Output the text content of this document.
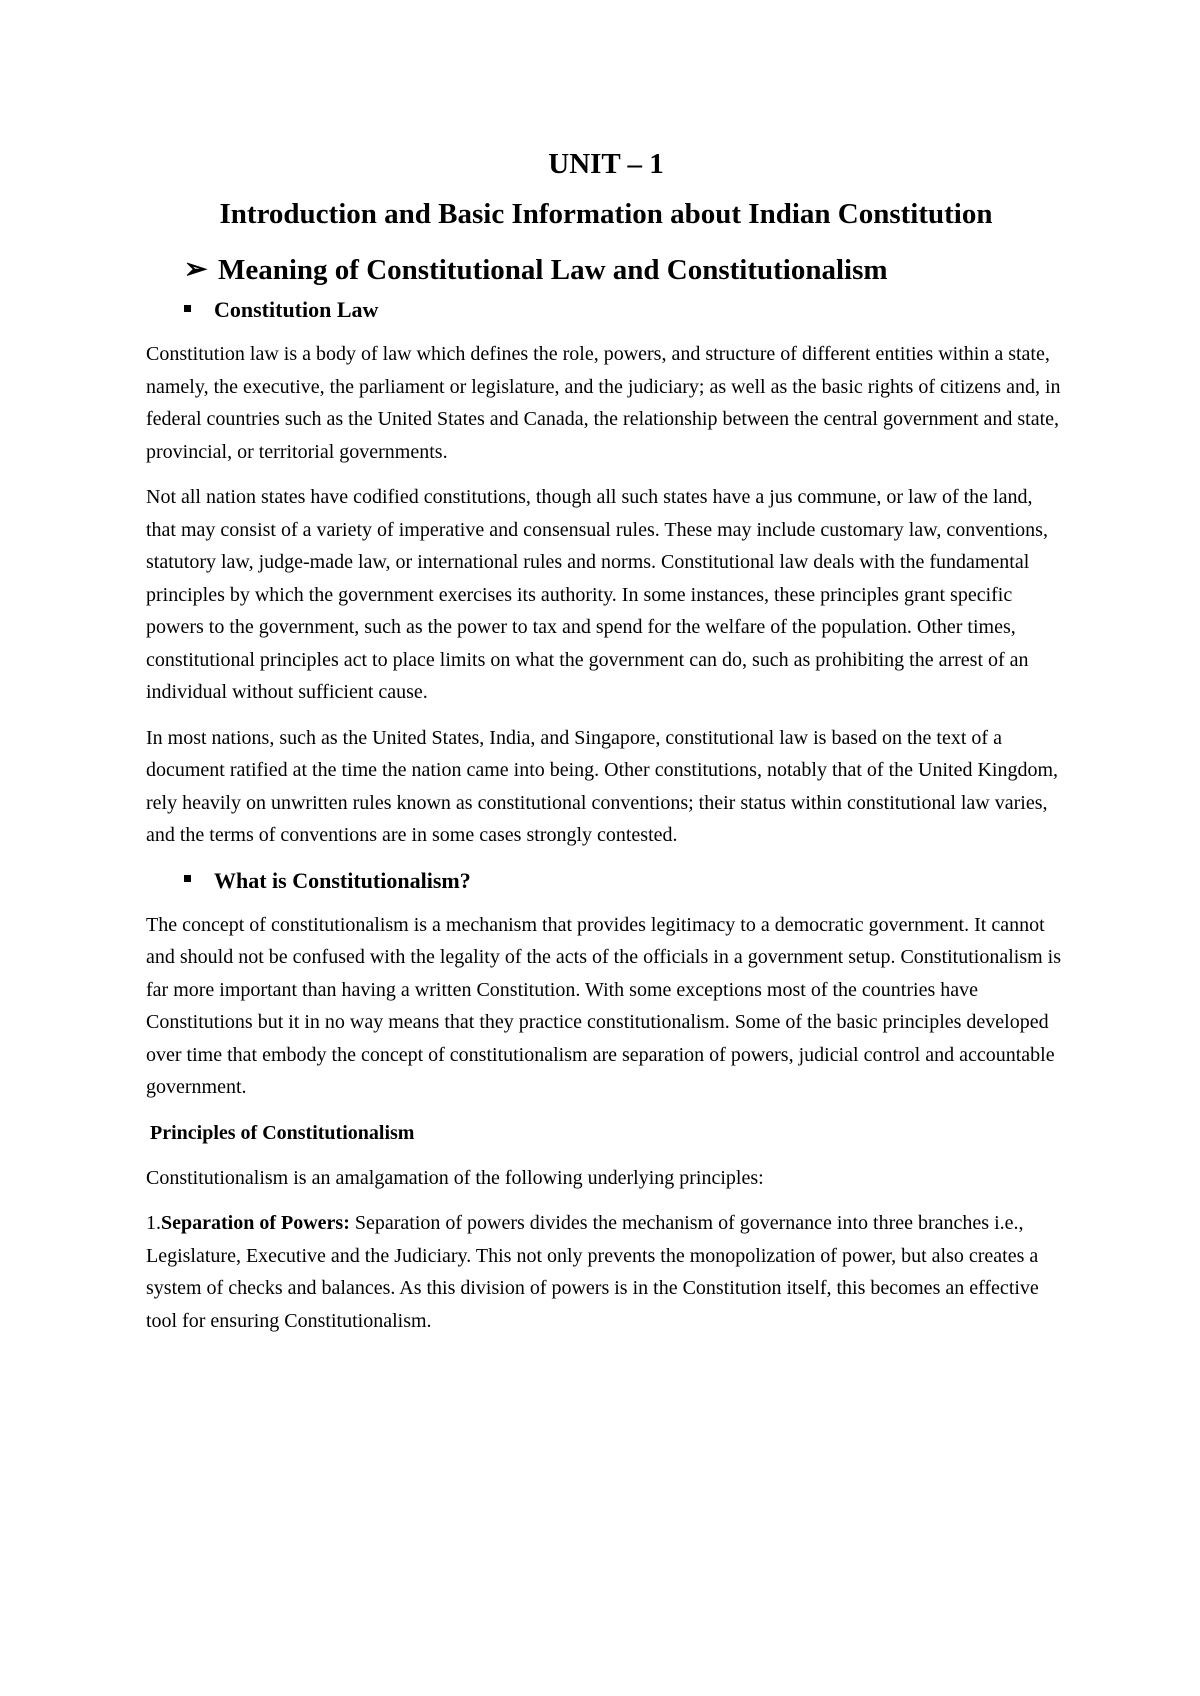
UNIT – 1
Introduction and Basic Information about Indian Constitution
➢ Meaning of Constitutional Law and Constitutionalism
Constitution Law

Constitution law is a body of law which defines the role, powers, and structure of different entities within a state, namely, the executive, the parliament or legislature, and the judiciary; as well as the basic rights of citizens and, in federal countries such as the United States and Canada, the relationship between the central government and state, provincial, or territorial governments.

Not all nation states have codified constitutions, though all such states have a jus commune, or law of the land, that may consist of a variety of imperative and consensual rules. These may include customary law, conventions, statutory law, judge-made law, or international rules and norms. Constitutional law deals with the fundamental principles by which the government exercises its authority. In some instances, these principles grant specific powers to the government, such as the power to tax and spend for the welfare of the population. Other times, constitutional principles act to place limits on what the government can do, such as prohibiting the arrest of an individual without sufficient cause.

In most nations, such as the United States, India, and Singapore, constitutional law is based on the text of a document ratified at the time the nation came into being. Other constitutions, notably that of the United Kingdom, rely heavily on unwritten rules known as constitutional conventions; their status within constitutional law varies, and the terms of conventions are in some cases strongly contested.

What is Constitutionalism?

The concept of constitutionalism is a mechanism that provides legitimacy to a democratic government. It cannot and should not be confused with the legality of the acts of the officials in a government setup. Constitutionalism is far more important than having a written Constitution. With some exceptions most of the countries have Constitutions but it in no way means that they practice constitutionalism. Some of the basic principles developed over time that embody the concept of constitutionalism are separation of powers, judicial control and accountable government.

Principles of Constitutionalism

Constitutionalism is an amalgamation of the following underlying principles:

1.Separation of Powers: Separation of powers divides the mechanism of governance into three branches i.e., Legislature, Executive and the Judiciary. This not only prevents the monopolization of power, but also creates a system of checks and balances. As this division of powers is in the Constitution itself, this becomes an effective tool for ensuring Constitutionalism.
